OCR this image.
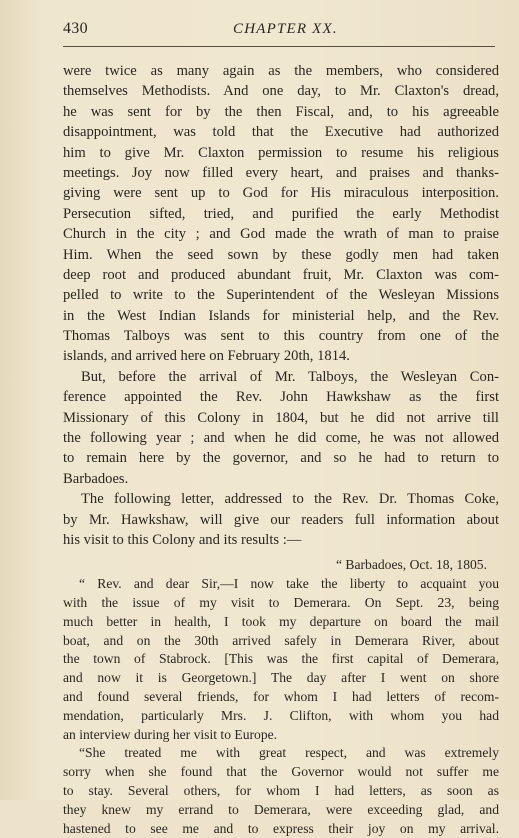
430	CHAPTER XX.
were twice as many again as the members, who considered
themselves Methodists. And one day, to Mr. Claxton's dread,
he was sent for by the then Fiscal, and, to his agreeable
disappointment, was told that the Executive had authorized
him to give Mr. Claxton permission to resume his religious
meetings. Joy now filled every heart, and praises and thanks-
giving were sent up to God for His miraculous interposition.
Persecution sifted, tried, and purified the early Methodist
Church in the city ; and God made the wrath of man to praise
Him. When the seed sown by these godly men had taken
deep root and produced abundant fruit, Mr. Claxton was com-
pelled to write to the Superintendent of the Wesleyan Missions
in the West Indian Islands for ministerial help, and the Rev.
Thomas Talboys was sent to this country from one of the
islands, and arrived here on February 20th, 1814.
But, before the arrival of Mr. Talboys, the Wesleyan Con-
ference appointed the Rev. John Hawkshaw as the first
Missionary of this Colony in 1804, but he did not arrive till
the following year ; and when he did come, he was not allowed
to remain here by the governor, and so he had to return to
Barbadoes.
The following letter, addressed to the Rev. Dr. Thomas Coke,
by Mr. Hawkshaw, will give our readers full information about
his visit to this Colony and its results :—
“ Barbadoes, Oct. 18, 1805.
“ Rev. and dear Sir,—I now take the liberty to acquaint you
with the issue of my visit to Demerara. On Sept. 23, being
much better in health, I took my departure on board the mail
boat, and on the 30th arrived safely in Demerara River, about
the town of Stabrock. [This was the first capital of Demerara,
and now it is Georgetown.] The day after I went on shore
and found several friends, for whom I had letters of recom-
mendation, particularly Mrs. J. Clifton, with whom you had
an interview during her visit to Europe.
“She treated me with great respect, and was extremely
sorry when she found that the Governor would not suffer me
to stay. Several others, for whom I had letters, as soon as
they knew my errand to Demerara, were exceeding glad, and
hastened to see me and to express their joy on my arrival.
